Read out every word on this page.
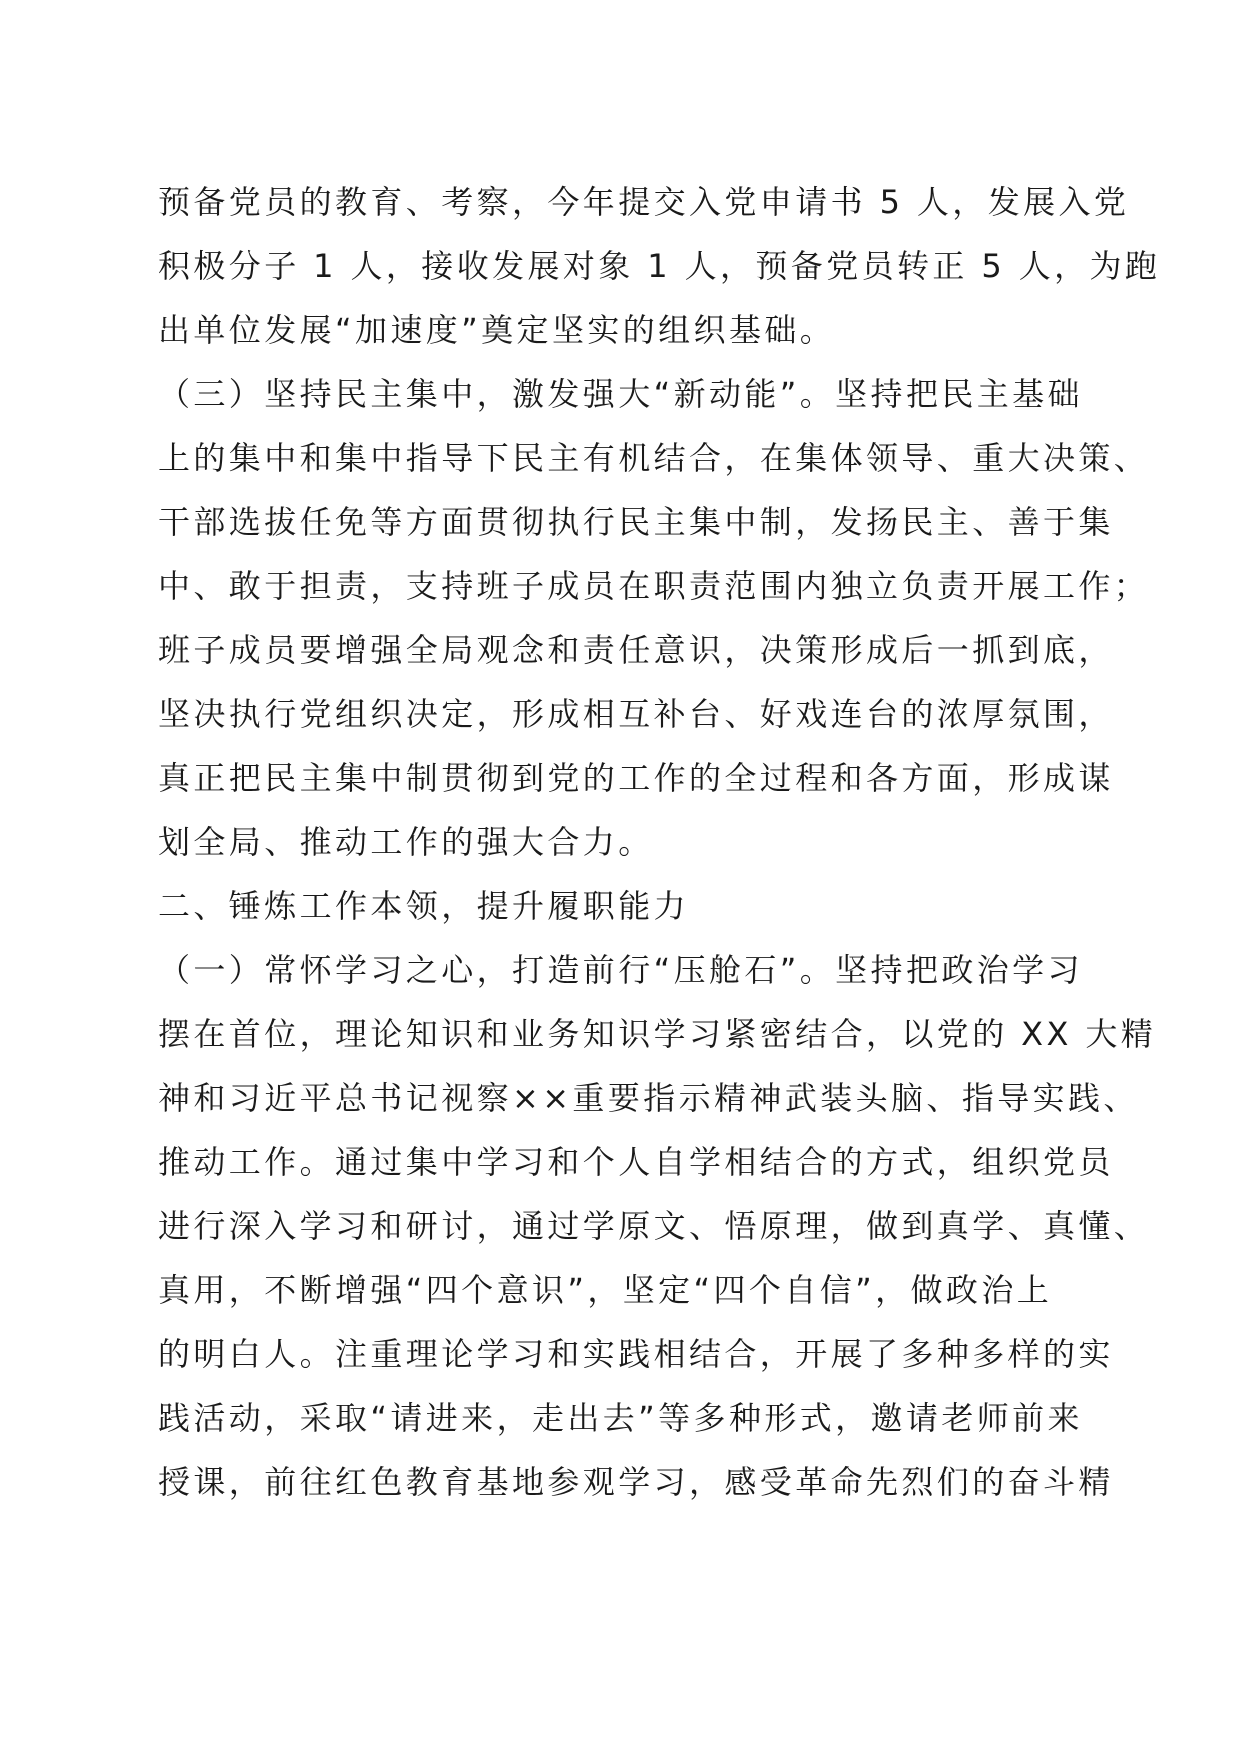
预备党员的教育、考察，今年提交入党申请书 5 人，发展入党
积极分子 1 人，接收发展对象 1 人，预备党员转正 5 人，为跑
出单位发展“加速度”奠定坚实的组织基础。
（三）坚持民主集中，激发强大“新动能”。坚持把民主基础
上的集中和集中指导下民主有机结合，在集体领导、重大决策、
干部选拔任免等方面贯彻执行民主集中制，发扬民主、善于集
中、敢于担责，支持班子成员在职责范围内独立负责开展工作；
班子成员要增强全局观念和责任意识，决策形成后一抓到底，
坚决执行党组织决定，形成相互补台、好戏连台的浓厚氛围，
真正把民主集中制贯彻到党的工作的全过程和各方面，形成谋
划全局、推动工作的强大合力。
二、锤炼工作本领，提升履职能力
（一）常怀学习之心，打造前行“压舱石”。坚持把政治学习
摆在首位，理论知识和业务知识学习紧密结合，以党的 XX 大精
神和习近平总书记视察××重要指示精神武装头脑、指导实践、
推动工作。通过集中学习和个人自学相结合的方式，组织党员
进行深入学习和研讨，通过学原文、悟原理，做到真学、真懂、
真用，不断增强“四个意识”，坚定“四个自信”，做政治上
的明白人。注重理论学习和实践相结合，开展了多种多样的实
践活动，采取“请进来，走出去”等多种形式，邀请老师前来
授课，前往红色教育基地参观学习，感受革命先烈们的奋斗精
